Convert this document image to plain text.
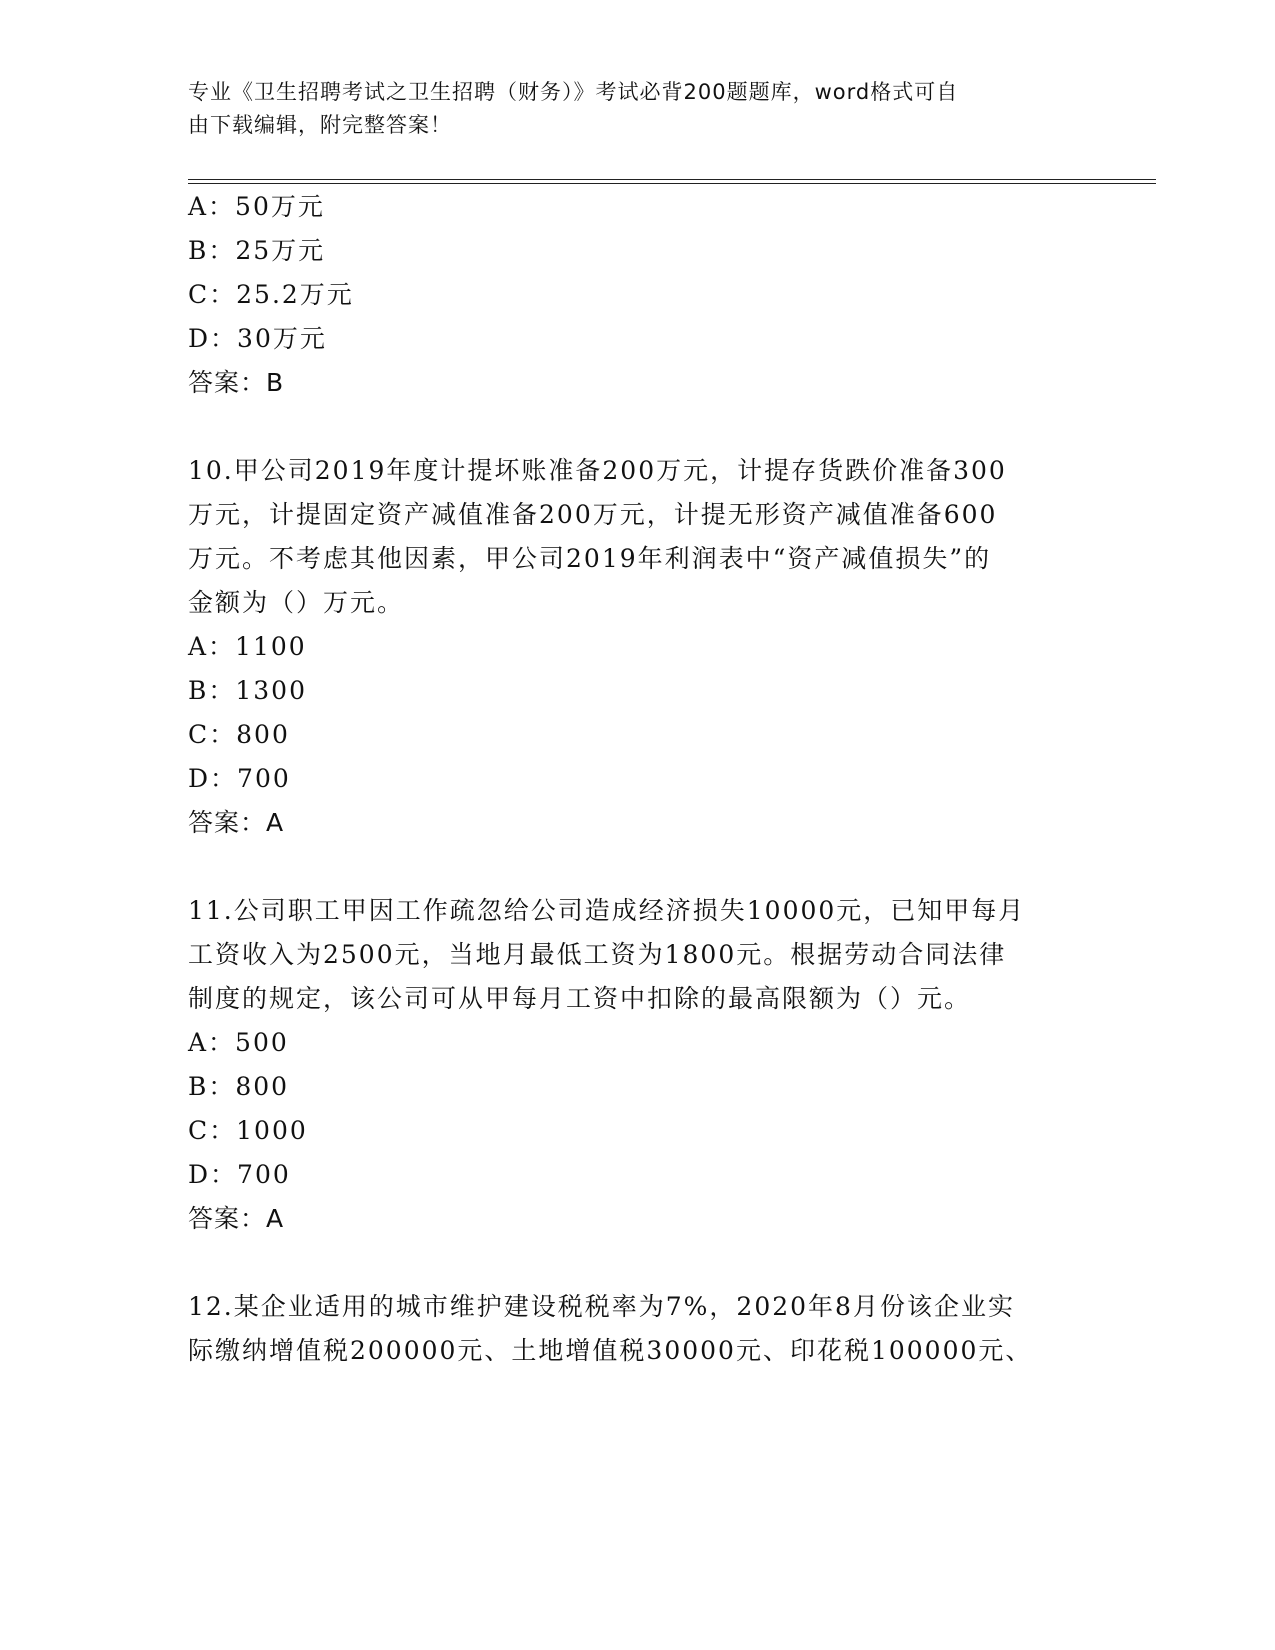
专业《卫生招聘考试之卫生招聘（财务）》考试必背200题题库，word格式可自
由下载编辑，附完整答案！
A：50万元
B：25万元
C：25.2万元
D：30万元
答案：B
10.甲公司2019年度计提坏账准备200万元，计提存货跌价准备300
万元，计提固定资产减值准备200万元，计提无形资产减值准备600
万元。不考虑其他因素，甲公司2019年利润表中“资产减值损失”的
金额为（）万元。
A：1100
B：1300
C：800
D：700
答案：A
11.公司职工甲因工作疏忽给公司造成经济损失10000元，已知甲每月
工资收入为2500元，当地月最低工资为1800元。根据劳动合同法律
制度的规定，该公司可从甲每月工资中扣除的最高限额为（）元。
A：500
B：800
C：1000
D：700
答案：A
12.某企业适用的城市维护建设税税率为7%，2020年8月份该企业实
际缴纳增值税200000元、土地增值税30000元、印花税100000元、
